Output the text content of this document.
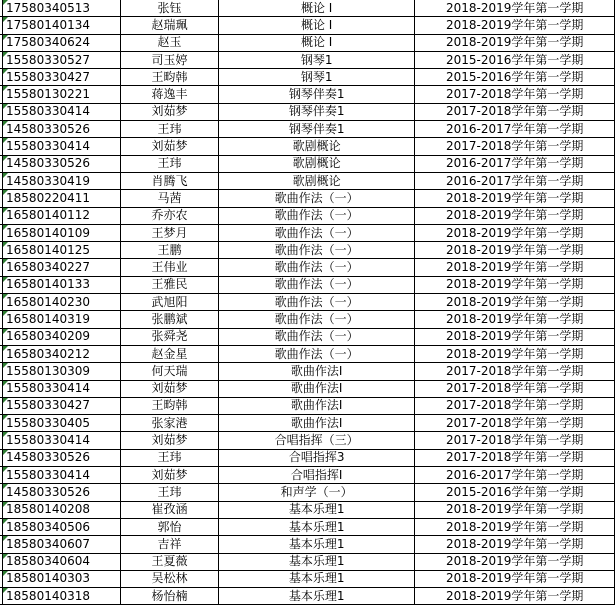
	17580340513	张钰	概论 I	2018-2019学年第一学期
	17580140134	赵瑞珮	概论 I	2018-2019学年第一学期
	17580340624	赵玉	概论 I	2018-2019学年第一学期
	15580330527	司玉婷	钢琴1	2015-2016学年第一学期
	15580330427	王畇韩	钢琴1	2015-2016学年第一学期
	15580130221	蒋逸丰	钢琴伴奏1	2017-2018学年第一学期
	15580330414	刘茹梦	钢琴伴奏1	2017-2018学年第一学期
	14580330526	王玮	钢琴伴奏1	2016-2017学年第一学期
	15580330414	刘茹梦	歌剧概论	2017-2018学年第一学期
	14580330526	王玮	歌剧概论	2016-2017学年第一学期
	14580330419	肖腾飞	歌剧概论	2016-2017学年第一学期
	18580220411	马茜	歌曲作法（一）	2018-2019学年第一学期
	16580140112	乔亦农	歌曲作法（一）	2018-2019学年第一学期
	16580140109	王梦月	歌曲作法（一）	2018-2019学年第一学期
	16580140125	王鹏	歌曲作法（一）	2018-2019学年第一学期
	16580340227	王伟业	歌曲作法（一）	2018-2019学年第一学期
	16580140133	王雅民	歌曲作法（一）	2018-2019学年第一学期
	16580140230	武旭阳	歌曲作法（一）	2018-2019学年第一学期
	16580140319	张鹏斌	歌曲作法（一）	2018-2019学年第一学期
	16580340209	张舜尧	歌曲作法（一）	2018-2019学年第一学期
	16580340212	赵金星	歌曲作法（一）	2018-2019学年第一学期
	15580130309	何天瑞	歌曲作法I	2017-2018学年第一学期
	15580330414	刘茹梦	歌曲作法I	2017-2018学年第一学期
	15580330427	王畇韩	歌曲作法I	2017-2018学年第一学期
	15580330405	张家港	歌曲作法I	2017-2018学年第一学期
	15580330414	刘茹梦	合唱指挥（三）	2017-2018学年第一学期
	14580330526	王玮	合唱指挥3	2017-2018学年第一学期
	15580330414	刘茹梦	合唱指挥I	2016-2017学年第一学期
	14580330526	王玮	和声学（一）	2015-2016学年第一学期
	18580140208	崔孜涵	基本乐理1	2018-2019学年第一学期
	18580340506	郭怡	基本乐理1	2018-2019学年第一学期
	18580340607	吉祥	基本乐理1	2018-2019学年第一学期
	18580340604	王夏薇	基本乐理1	2018-2019学年第一学期
	18580140303	吴松林	基本乐理1	2018-2019学年第一学期
	18580140318	杨怡楠	基本乐理1	2018-2019学年第一学期
